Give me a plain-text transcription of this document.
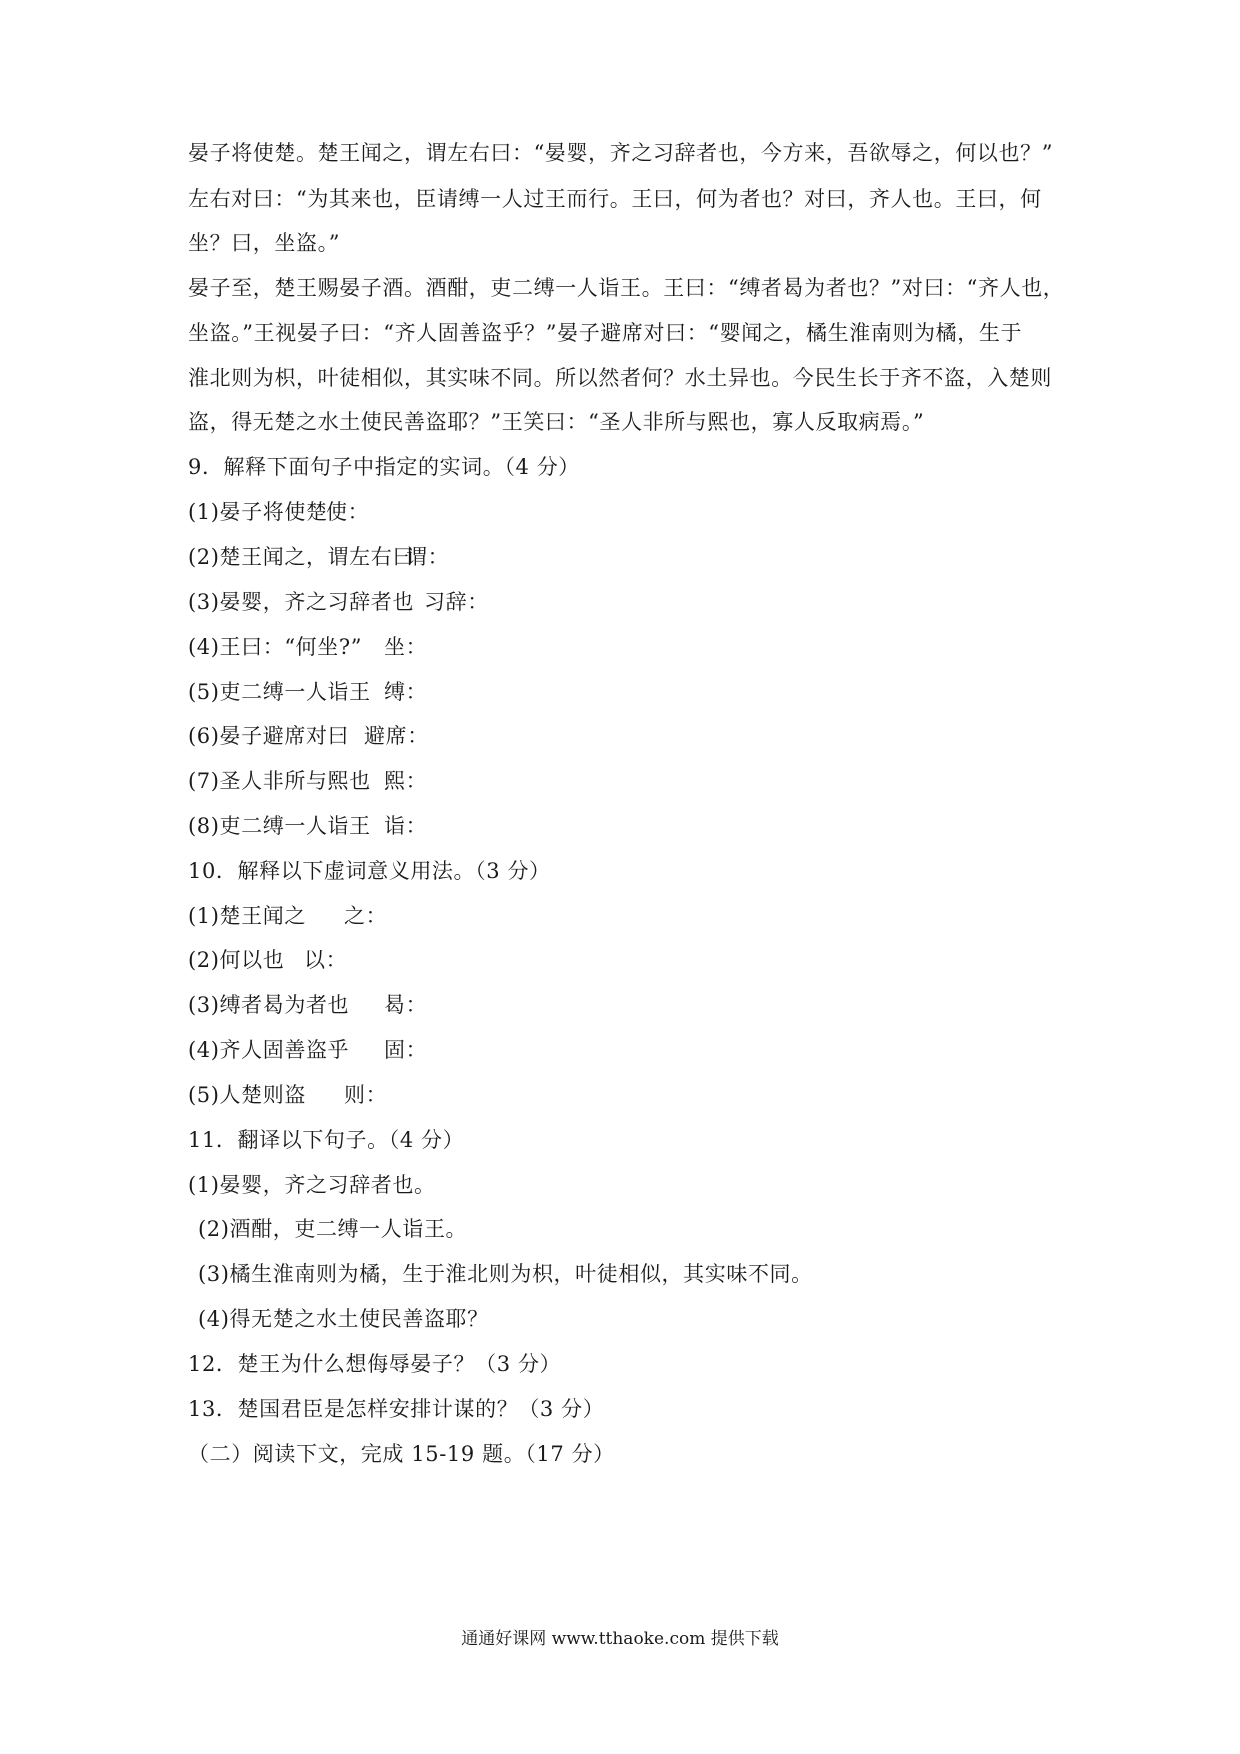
晏子将使楚。楚王闻之，谓左右曰：“晏婴，齐之习辞者也，今方来，吾欲辱之，何以也？”
左右对曰：“为其来也，臣请缚一人过王而行。王曰，何为者也？对曰，齐人也。王曰，何
坐？曰，坐盗。”
晏子至，楚王赐晏子酒。酒酣，吏二缚一人诣王。王曰：“缚者曷为者也？”对曰：“齐人也，
坐盗。”王视晏子曰：“齐人固善盗乎？”晏子避席对曰：“婴闻之，橘生淮南则为橘，生于
淮北则为枳，叶徒相似，其实味不同。所以然者何？水土异也。今民生长于齐不盗，入楚则
盗，得无楚之水土使民善盗耶？”王笑曰：“圣人非所与熙也，寡人反取病焉。”
9．解释下面句子中指定的实词。（4 分）
(1)晏子将使楚
使：
(2)楚王闻之，谓左右曰
谓：
(3)晏婴，齐之习辞者也 习辞：
(4)王曰：“何坐?” 坐：
(5)吏二缚一人诣王 缚：
(6)晏子避席对曰 避席：
(7)圣人非所与熙也 熙：
(8)吏二缚一人诣王 诣：
10．解释以下虚词意义用法。（3 分）
(1)楚王闻之 之：
(2)何以也 以：
(3)缚者曷为者也 曷：
(4)齐人固善盗乎 固：
(5)人楚则盗 则：
11．翻译以下句子。（4 分）
(1)晏婴，齐之习辞者也。
(2)酒酣，吏二缚一人诣王。
(3)橘生淮南则为橘，生于淮北则为枳，叶徒相似，其实味不同。
(4)得无楚之水土使民善盗耶？
12．楚王为什么想侮辱晏子？（3 分）
13．楚国君臣是怎样安排计谋的？（3 分）
（二）阅读下文，完成 15-19 题。（17 分）
通通好课网 www.tthaoke.com 提供下载
